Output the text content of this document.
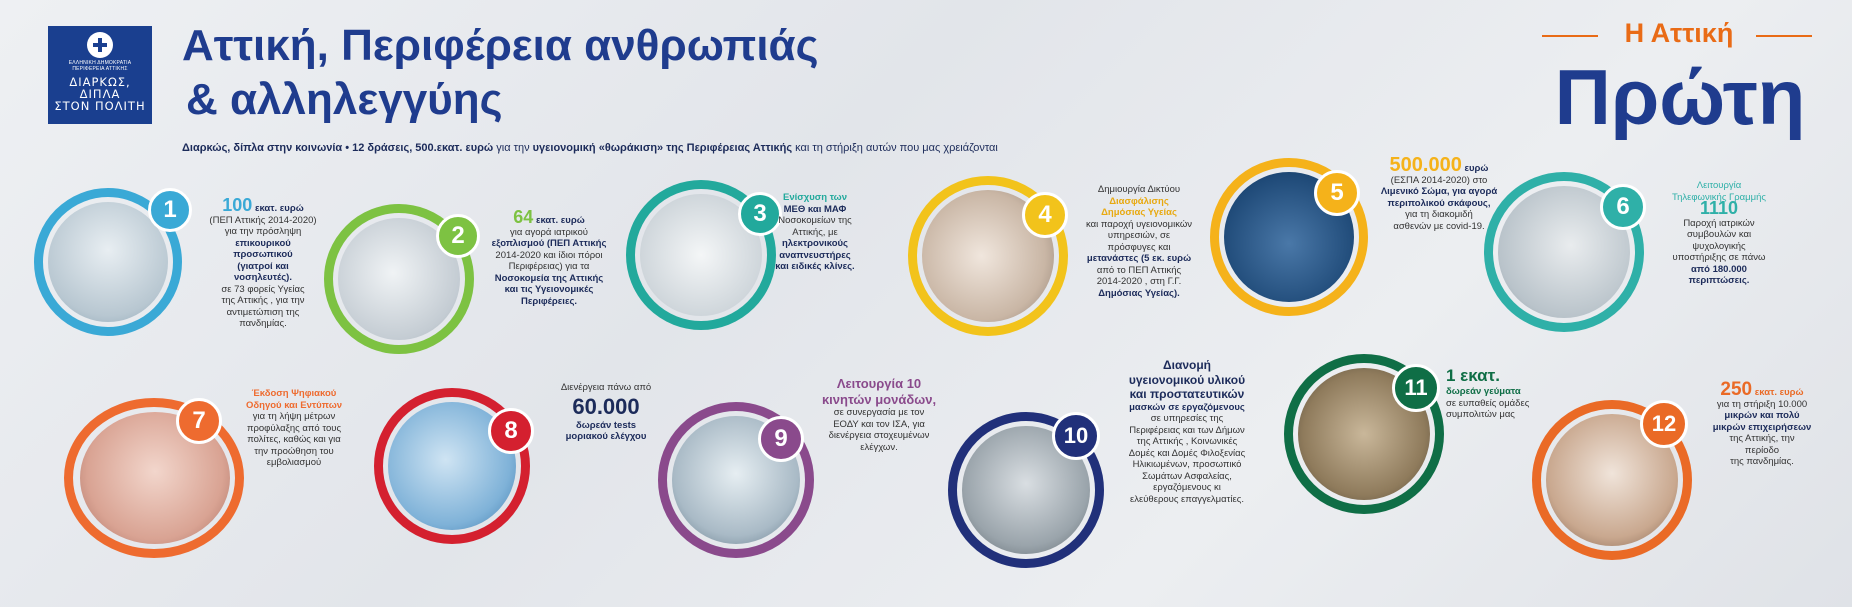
ΕΛΛΗΝΙΚΗ ΔΗΜΟΚΡΑΤΙΑ
ΠΕΡΙΦΕΡΕΙΑ ΑΤΤΙΚΗΣ
ΔΙΑΡΚΩΣ,
ΔΙΠΛΑ
ΣΤΟΝ ΠΟΛΙΤΗ
Αττική, Περιφέρεια ανθρωπιάς
& αλληλεγγύης
Διαρκώς, δίπλα στην κοινωνία • 12 δράσεις, 500.εκατ. ευρώ για την υγειονομική «θωράκιση» της Περιφέρειας Αττικής και τη στήριξη αυτών που μας χρειάζονται
Η Αττική
Πρώτη
1	100 εκατ. ευρώ
(ΠΕΠ Αττικής 2014-2020)
για την πρόσληψη
επικουρικού προσωπικού
(γιατροί και νοσηλευτές).
σε 73 φορείς Υγείας
της Αττικής , για την
αντιμετώπιση της
πανδημίας.
2
64 εκατ. ευρώ
για αγορά ιατρικού
εξοπλισμού (ΠΕΠ Αττικής
2014-2020 και ίδιοι πόροι
Περιφέρειας) για τα
Νοσοκομεία της Αττικής
και τις Υγειονομικές
Περιφέρειες.
3
Ενίσχυση των
ΜΕΘ και ΜΑΦ
Νοσοκομείων της
Αττικής, με
ηλεκτρονικούς
αναπνευστήρες
και ειδικές κλίνες.
4
Δημιουργία Δικτύου
Διασφάλισης
Δημόσιας Υγείας
και παροχή υγειονομικών
υπηρεσιών, σε
πρόσφυγες και
μετανάστες (5 εκ. ευρώ
από το ΠΕΠ Αττικής
2014-2020 , στη Γ.Γ.
Δημόσιας Υγείας).
5
500.000 ευρώ
(ΕΣΠΑ 2014-2020) στο
Λιμενικό Σώμα, για αγορά
περιπολικού σκάφους,
για τη διακομιδή
ασθενών με covid-19.
6
Λειτουργία
Τηλεφωνικής Γραμμής
1110
Παροχή ιατρικών
συμβουλών και
ψυχολογικής
υποστήριξης σε πάνω
από 180.000
περιπτώσεις.
7
Έκδοση Ψηφιακού
Οδηγού και Εντύπων
για τη λήψη μέτρων
προφύλαξης από τους
πολίτες, καθώς και για
την προώθηση του
εμβολιασμού
8
Διενέργεια πάνω από
60.000
δωρεάν tests
μοριακού ελέγχου	9
Λειτουργία 10
κινητών μονάδων,
σε συνεργασία με τον
ΕΟΔΥ και τον ΙΣΑ, για
διενέργεια στοχευμένων
ελέγχων.	10
Διανομή
υγειονομικού υλικού
και προστατευτικών
μασκών σε εργαζόμενους
σε υπηρεσίες της
Περιφέρειας και των Δήμων
της Αττικής , Κοινωνικές
Δομές και Δομές Φιλοξενίας
Ηλικιωμένων, προσωπικό
Σωμάτων Ασφαλείας,
εργαζόμενους κι
ελεύθερους επαγγελματίες.
11	1 εκατ.
δωρεάν γεύματα
σε ευπαθείς ομάδες
συμπολιτών μας	12
250 εκατ. ευρώ
για τη στήριξη 10.000
μικρών και πολύ
μικρών επιχειρήσεων
της Αττικής, την
περίοδο
της πανδημίας.
